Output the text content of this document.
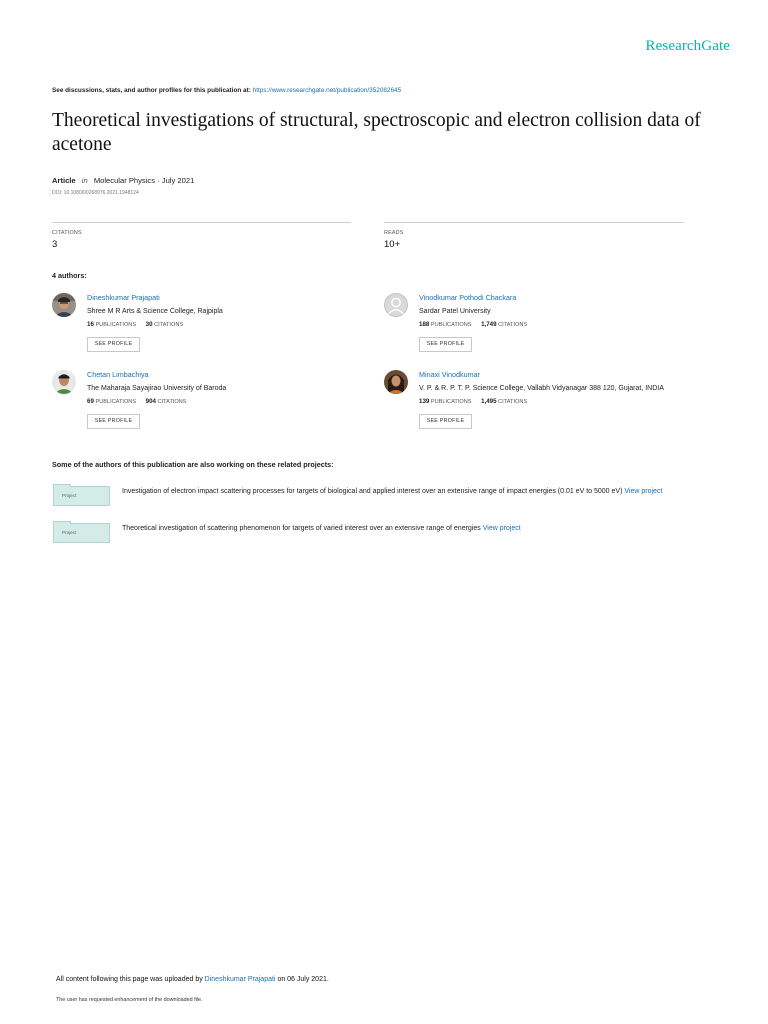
ResearchGate
See discussions, stats, and author profiles for this publication at: https://www.researchgate.net/publication/352082645
Theoretical investigations of structural, spectroscopic and electron collision data of acetone
Article in Molecular Physics · July 2021
DOI: 10.1080/00268976.2021.1948124
CITATIONS
3
READS
10+
4 authors:
Dineshkumar Prajapati
Shree M R Arts & Science College, Rajpipla
16 PUBLICATIONS 30 CITATIONS
SEE PROFILE
Vinodkumar Pothodi Chackara
Sardar Patel University
188 PUBLICATIONS 1,749 CITATIONS
SEE PROFILE
Chetan Limbachiya
The Maharaja Sayajirao University of Baroda
69 PUBLICATIONS 904 CITATIONS
SEE PROFILE
Minaxi Vinodkumar
V. P. & R. P. T. P. Science College, Vallabh Vidyanagar 388 120, Gujarat, INDIA
139 PUBLICATIONS 1,495 CITATIONS
SEE PROFILE
Some of the authors of this publication are also working on these related projects:
Project
Investigation of electron impact scattering processes for targets of biological and applied interest over an extensive range of impact energies (0.01 eV to 5000 eV) View project
Project
Theoretical investigation of scattering phenomenon for targets of varied interest over an extensive range of energies View project
All content following this page was uploaded by Dineshkumar Prajapati on 06 July 2021.
The user has requested enhancement of the downloaded file.
